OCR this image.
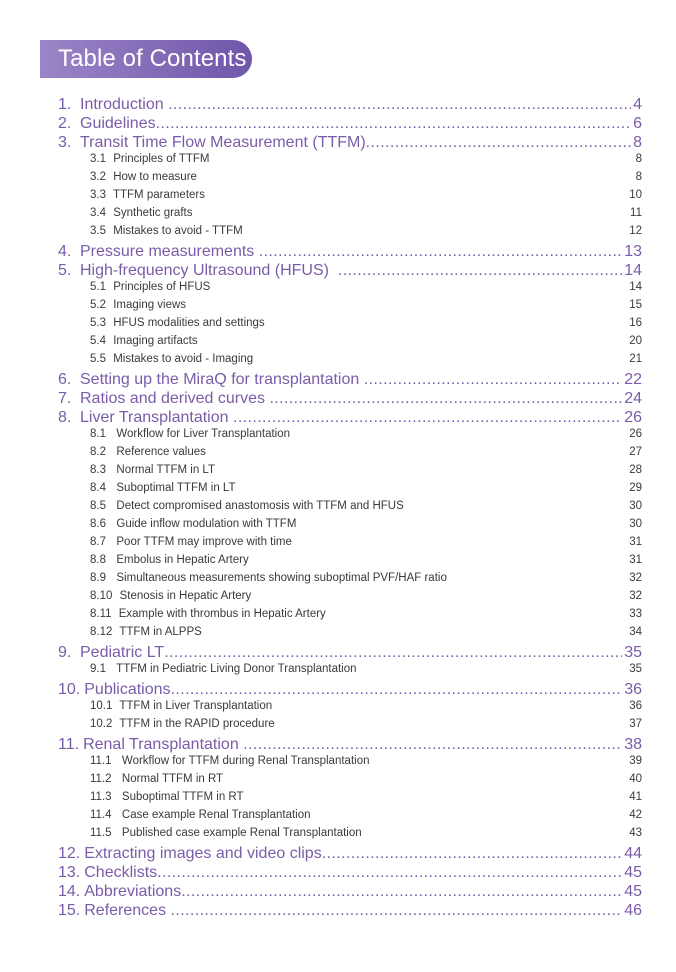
Table of Contents
1. Introduction .....	4
2. Guidelines .....	6
3. Transit Time Flow Measurement (TTFM) .....	8
3.1 Principles of TTFM	8
3.2 How to measure	8
3.3 TTFM parameters	10
3.4 Synthetic grafts	11
3.5 Mistakes to avoid - TTFM	12
4. Pressure measurements .....	13
5. High-frequency Ultrasound (HFUS) .....	14
5.1 Principles of HFUS	14
5.2 Imaging views	15
5.3 HFUS modalities and settings	16
5.4 Imaging artifacts	20
5.5 Mistakes to avoid - Imaging	21
6. Setting up the MiraQ for transplantation .....	22
7. Ratios and derived curves .....	24
8. Liver Transplantation .....	26
8.1 Workflow for Liver Transplantation	26
8.2 Reference values	27
8.3 Normal TTFM in LT	28
8.4 Suboptimal TTFM in LT	29
8.5 Detect compromised anastomosis with TTFM and HFUS	30
8.6 Guide inflow modulation with TTFM	30
8.7 Poor TTFM may improve with time	31
8.8 Embolus in Hepatic Artery	31
8.9 Simultaneous measurements showing suboptimal PVF/HAF ratio	32
8.10 Stenosis in Hepatic Artery	32
8.11 Example with thrombus in Hepatic Artery	33
8.12 TTFM in ALPPS	34
9. Pediatric LT .....	35
9.1 TTFM in Pediatric Living Donor Transplantation	35
10. Publications .....	36
10.1 TTFM in Liver Transplantation	36
10.2 TTFM in the RAPID procedure	37
11. Renal Transplantation .....	38
11.1 Workflow for TTFM during Renal Transplantation	39
11.2 Normal TTFM in RT	40
11.3 Suboptimal TTFM in RT	41
11.4 Case example Renal Transplantation	42
11.5 Published case example Renal Transplantation	43
12. Extracting images and video clips .....	44
13. Checklists .....	45
14. Abbreviations .....	45
15. References .....	46
